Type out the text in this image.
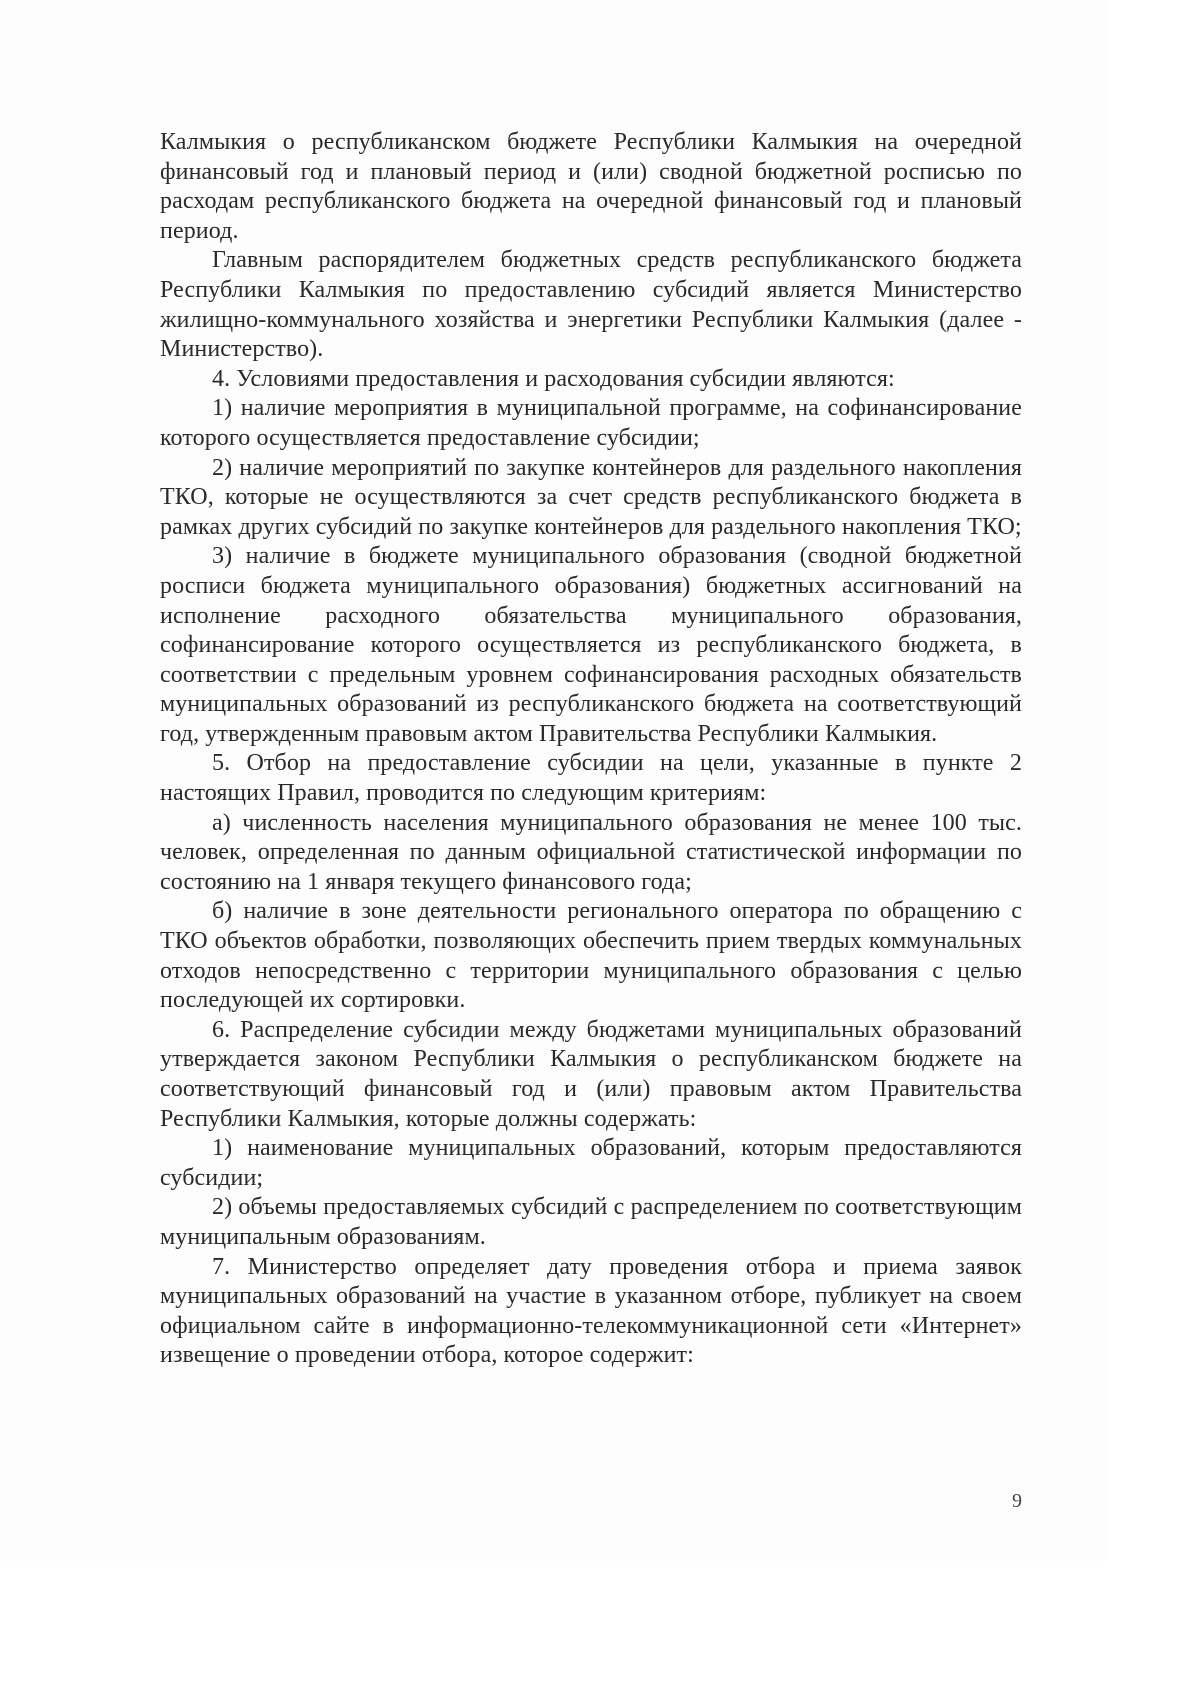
Калмыкия о республиканском бюджете Республики Калмыкия на очередной финансовый год и плановый период и (или) сводной бюджетной росписью по расходам республиканского бюджета на очередной финансовый год и плановый период.

Главным распорядителем бюджетных средств республиканского бюджета Республики Калмыкия по предоставлению субсидий является Министерство жилищно-коммунального хозяйства и энергетики Республики Калмыкия (далее - Министерство).

4. Условиями предоставления и расходования субсидии являются:

1) наличие мероприятия в муниципальной программе, на софинансирование которого осуществляется предоставление субсидии;

2) наличие мероприятий по закупке контейнеров для раздельного накопления ТКО, которые не осуществляются за счет средств республиканского бюджета в рамках других субсидий по закупке контейнеров для раздельного накопления ТКО;

3) наличие в бюджете муниципального образования (сводной бюджетной росписи бюджета муниципального образования) бюджетных ассигнований на исполнение расходного обязательства муниципального образования, софинансирование которого осуществляется из республиканского бюджета, в соответствии с предельным уровнем софинансирования расходных обязательств муниципальных образований из республиканского бюджета на соответствующий год, утвержденным правовым актом Правительства Республики Калмыкия.

5. Отбор на предоставление субсидии на цели, указанные в пункте 2 настоящих Правил, проводится по следующим критериям:

а) численность населения муниципального образования не менее 100 тыс. человек, определенная по данным официальной статистической информации по состоянию на 1 января текущего финансового года;

б) наличие в зоне деятельности регионального оператора по обращению с ТКО объектов обработки, позволяющих обеспечить прием твердых коммунальных отходов непосредственно с территории муниципального образования с целью последующей их сортировки.

6. Распределение субсидии между бюджетами муниципальных образований утверждается законом Республики Калмыкия о республиканском бюджете на соответствующий финансовый год и (или) правовым актом Правительства Республики Калмыкия, которые должны содержать:

1) наименование муниципальных образований, которым предоставляются субсидии;

2) объемы предоставляемых субсидий с распределением по соответствующим муниципальным образованиям.

7. Министерство определяет дату проведения отбора и приема заявок муниципальных образований на участие в указанном отборе, публикует на своем официальном сайте в информационно-телекоммуникационной сети «Интернет» извещение о проведении отбора, которое содержит:

9
